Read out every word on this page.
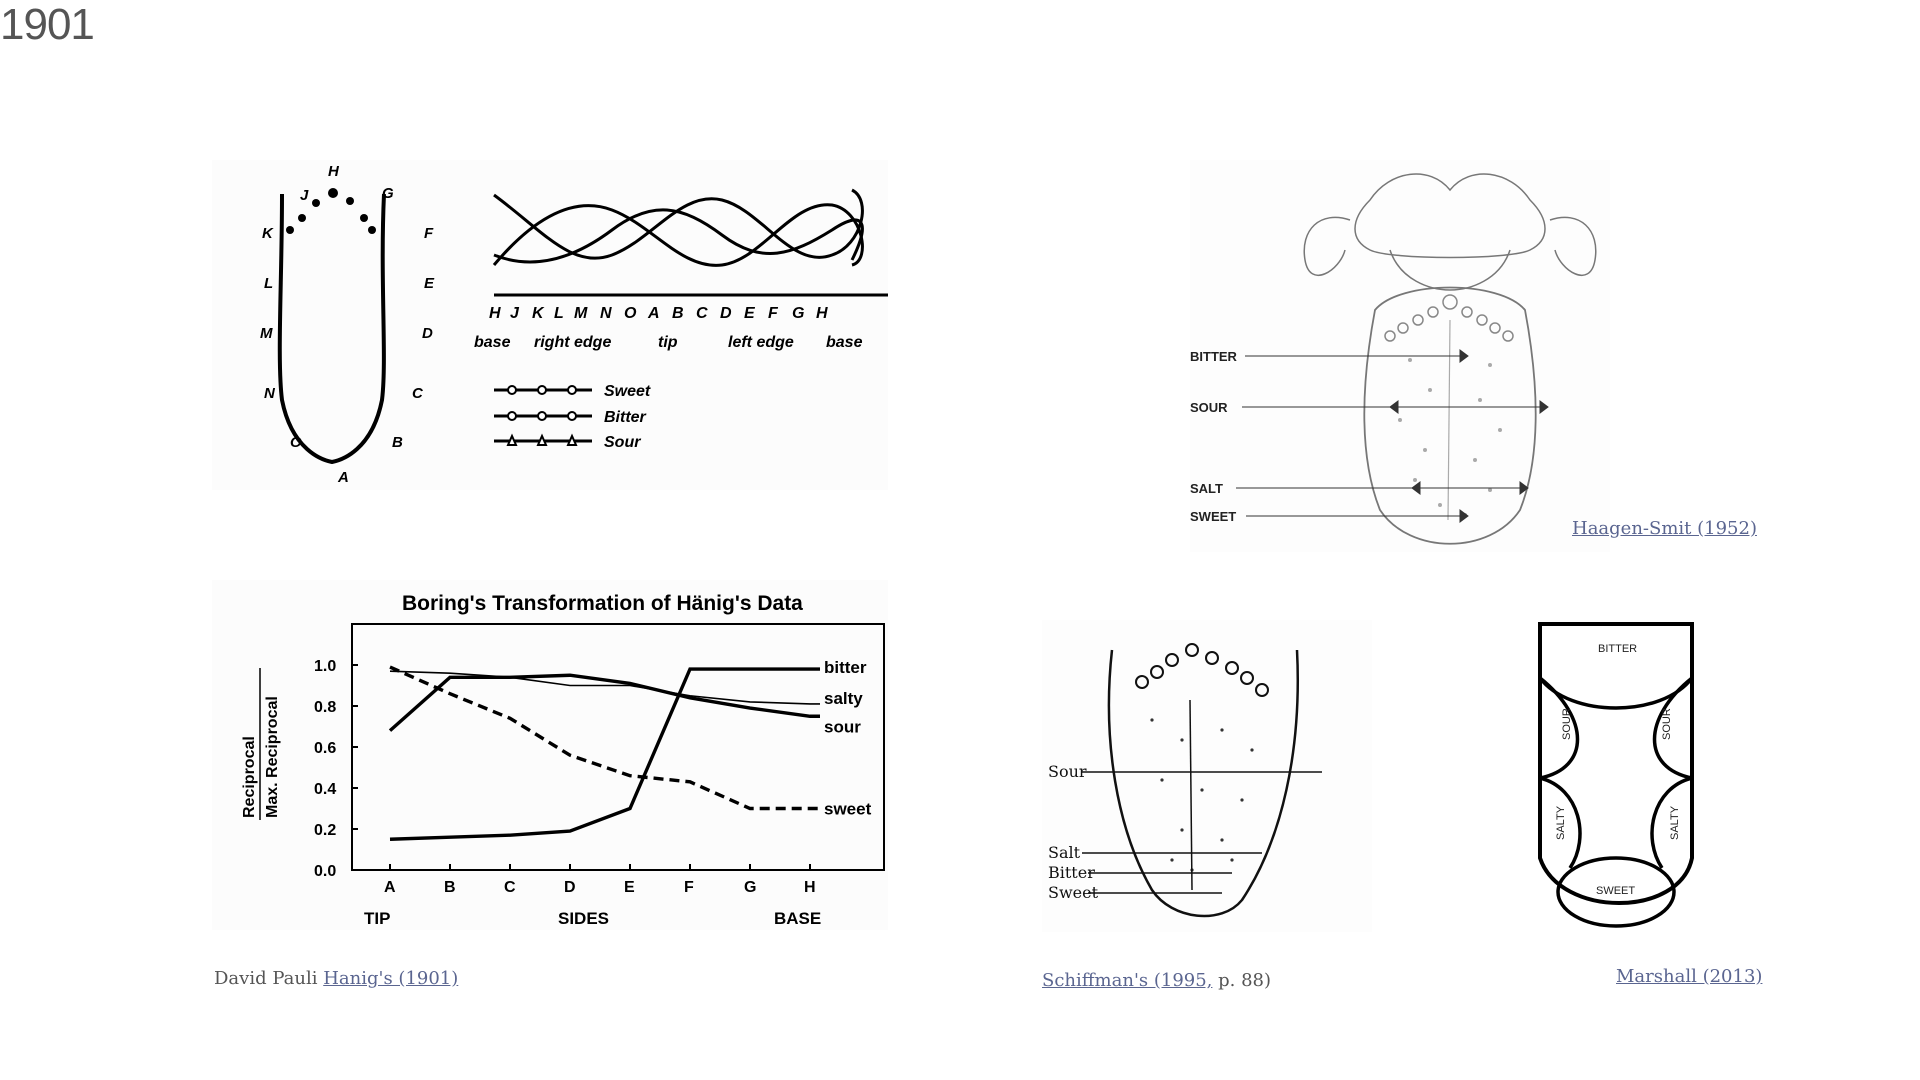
1901
H
J
K
L
M
N
O
A
B
C
D
E
F
G
H J K L M N O A B C D E F G H
base right edge	tip	left edge base
Sweet
Bitter
Sour
Boring's Transformation of Hänig's Data
Reciprocal Max. Reciprocal
0.0
0.2
0.4
0.6
0.8
1.0
A	B	C	D	E	F	G	H
TIP	SIDES	BASE
bitter
salty
sour
sweet
BITTER
SOUR
SALT
SWEET
Sour
Salt
Bitter
Sweet
BITTER
SOUR	SOUR
SALTY	SALTY
SWEET
David Pauli Hanig's (1901)
Haagen-Smit (1952)
Schiffman's (1995, p. 88)	Marshall (2013)
